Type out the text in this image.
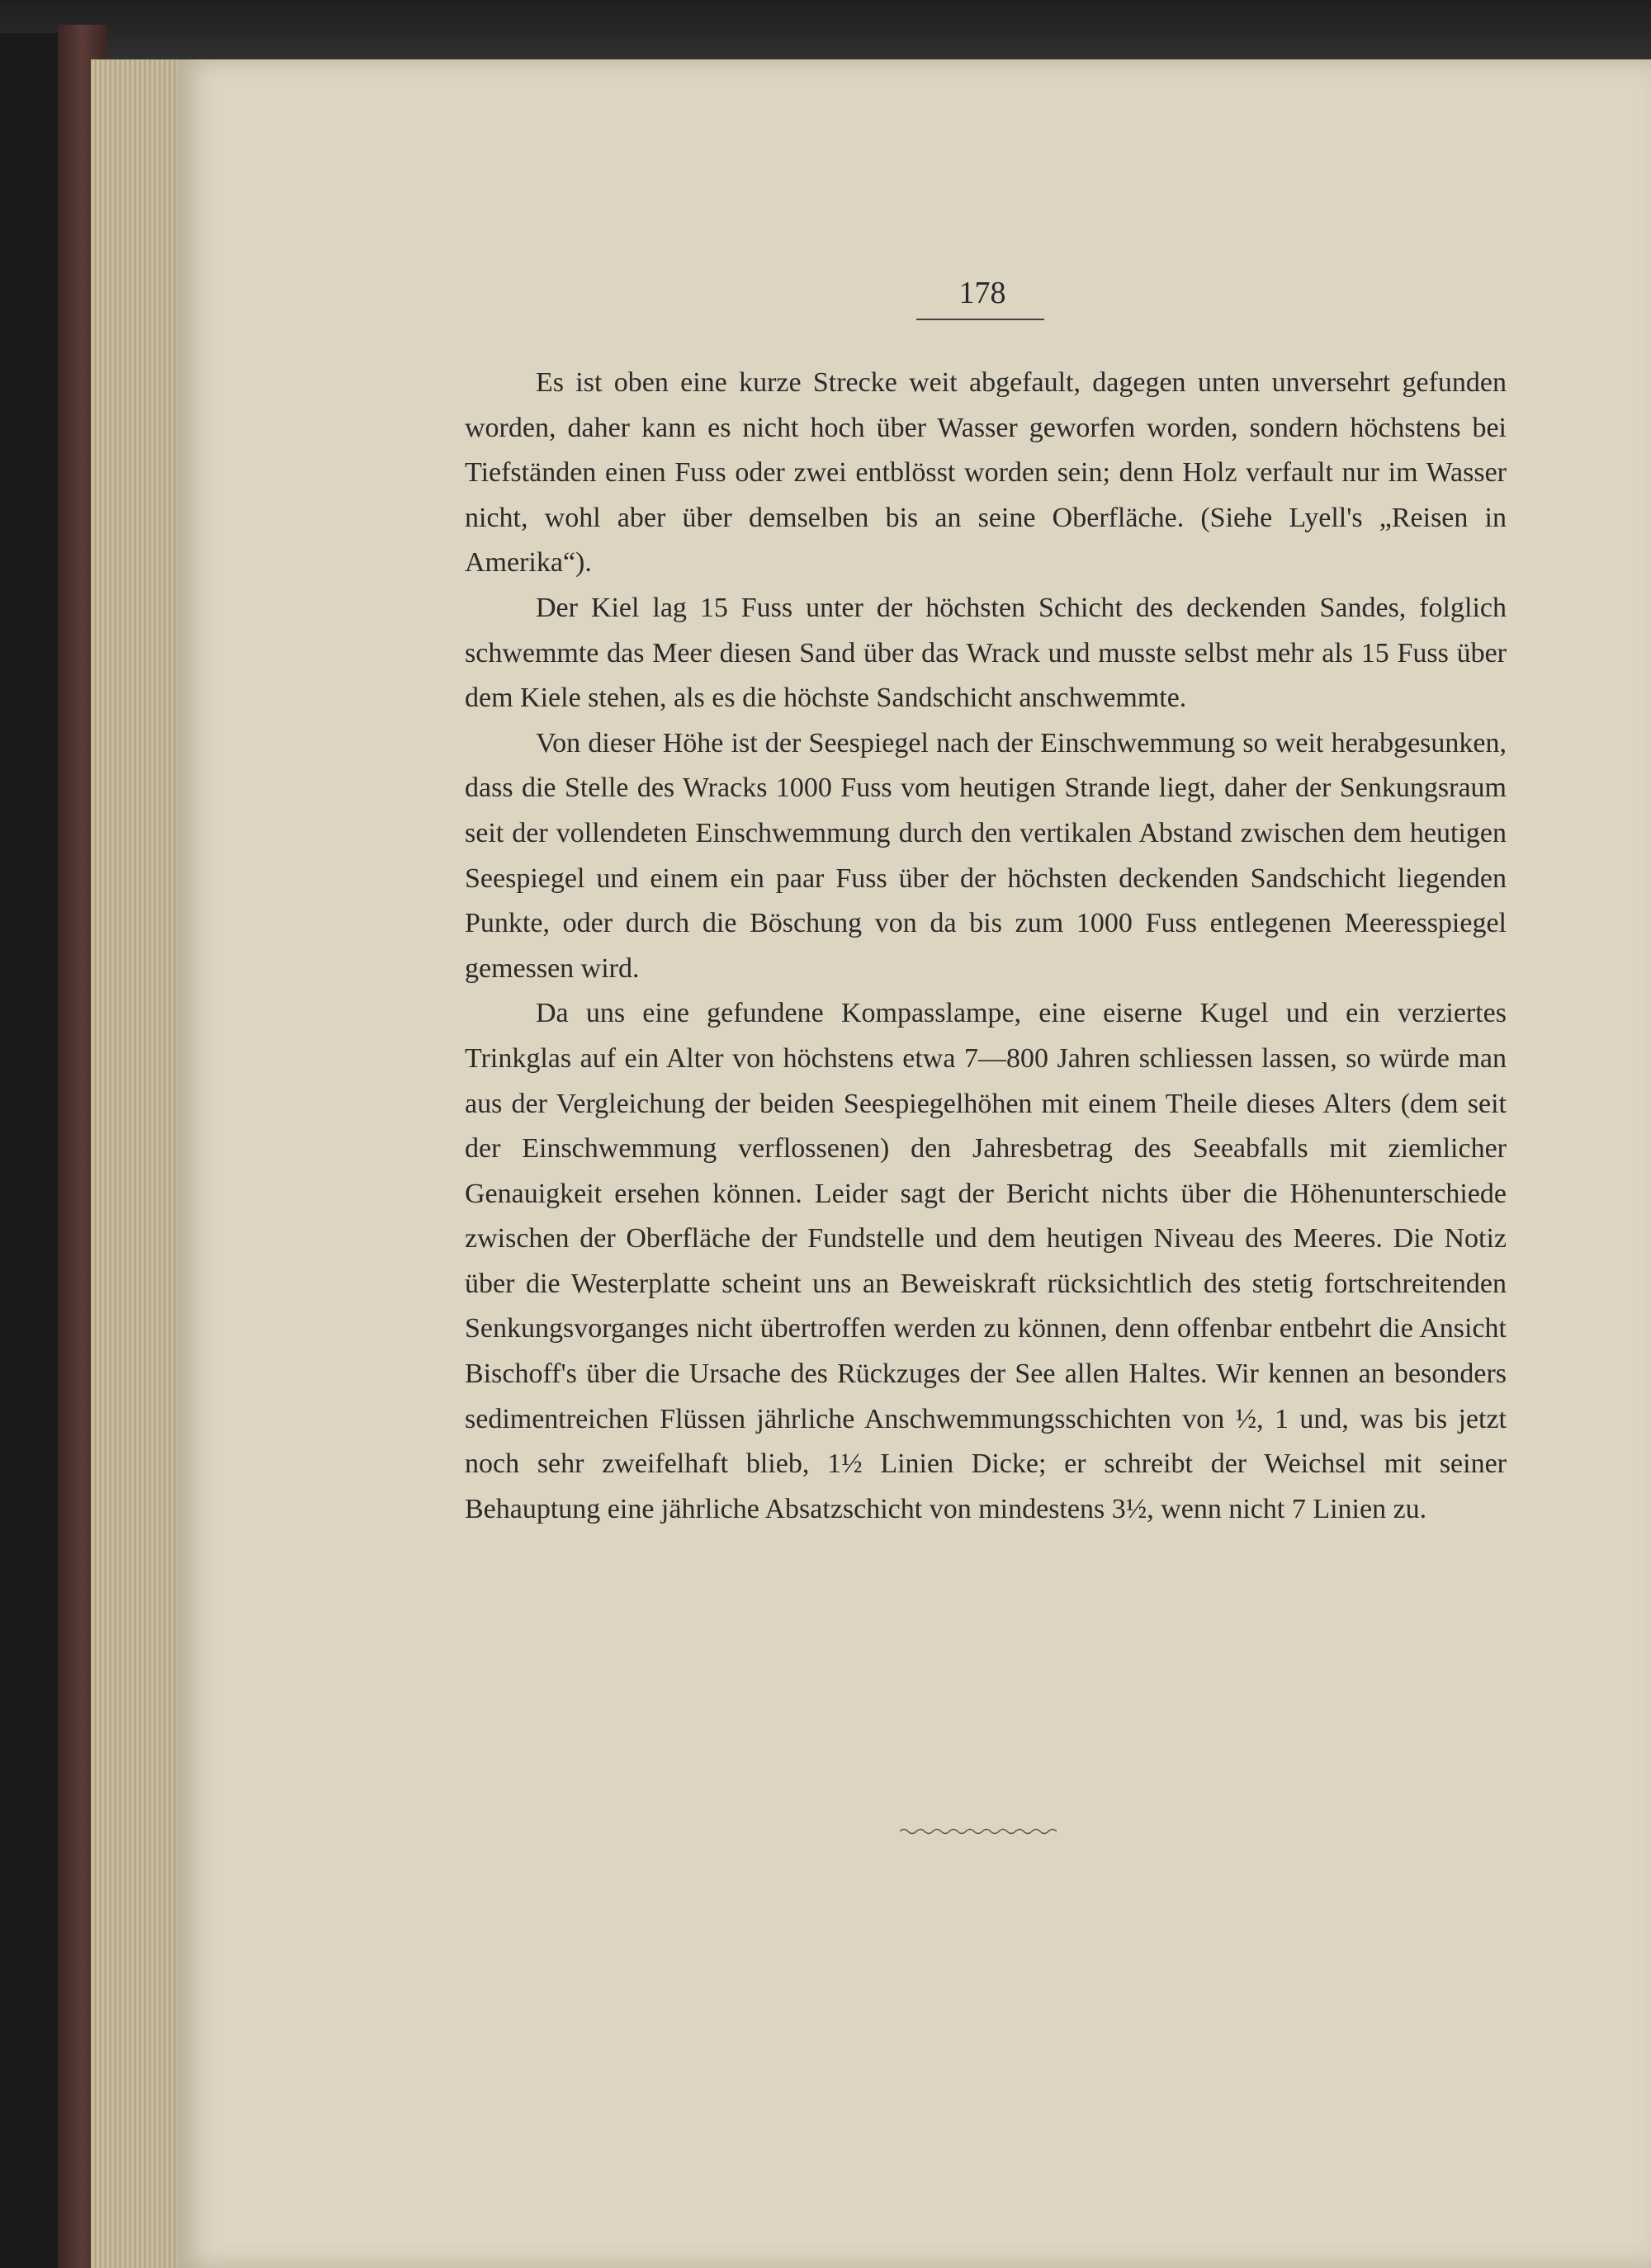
178

Es ist oben eine kurze Strecke weit abgefault, dagegen unten unversehrt gefunden worden, daher kann es nicht hoch über Wasser geworfen worden, sondern höchstens bei Tiefständen einen Fuss oder zwei entblösst worden sein; denn Holz verfault nur im Wasser nicht, wohl aber über demselben bis an seine Oberfläche. (Siehe Lyell's „Reisen in Amerika“).

Der Kiel lag 15 Fuss unter der höchsten Schicht des deckenden Sandes, folglich schwemmte das Meer diesen Sand über das Wrack und musste selbst mehr als 15 Fuss über dem Kiele stehen, als es die höchste Sandschicht anschwemmte.

Von dieser Höhe ist der Seespiegel nach der Einschwemmung so weit herabgesunken, dass die Stelle des Wracks 1000 Fuss vom heutigen Strande liegt, daher der Senkungsraum seit der vollendeten Einschwemmung durch den vertikalen Abstand zwischen dem heutigen Seespiegel und einem ein paar Fuss über der höchsten deckenden Sandschicht liegenden Punkte, oder durch die Böschung von da bis zum 1000 Fuss entlegenen Meeresspiegel gemessen wird.

Da uns eine gefundene Kompasslampe, eine eiserne Kugel und ein verziertes Trinkglas auf ein Alter von höchstens etwa 7—800 Jahren schliessen lassen, so würde man aus der Vergleichung der beiden Seespiegelhöhen mit einem Theile dieses Alters (dem seit der Einschwemmung verflossenen) den Jahresbetrag des Seeabfalls mit ziemlicher Genauigkeit ersehen können. Leider sagt der Bericht nichts über die Höhenunterschiede zwischen der Oberfläche der Fundstelle und dem heutigen Niveau des Meeres. Die Notiz über die Westerplatte scheint uns an Beweiskraft rücksichtlich des stetig fortschreitenden Senkungsvorganges nicht übertroffen werden zu können, denn offenbar entbehrt die Ansicht Bischoff's über die Ursache des Rückzuges der See allen Haltes. Wir kennen an besonders sedimentreichen Flüssen jährliche Anschwemmungsschichten von ½, 1 und, was bis jetzt noch sehr zweifelhaft blieb, 1½ Linien Dicke; er schreibt der Weichsel mit seiner Behauptung eine jährliche Absatzschicht von mindestens 3½, wenn nicht 7 Linien zu.
